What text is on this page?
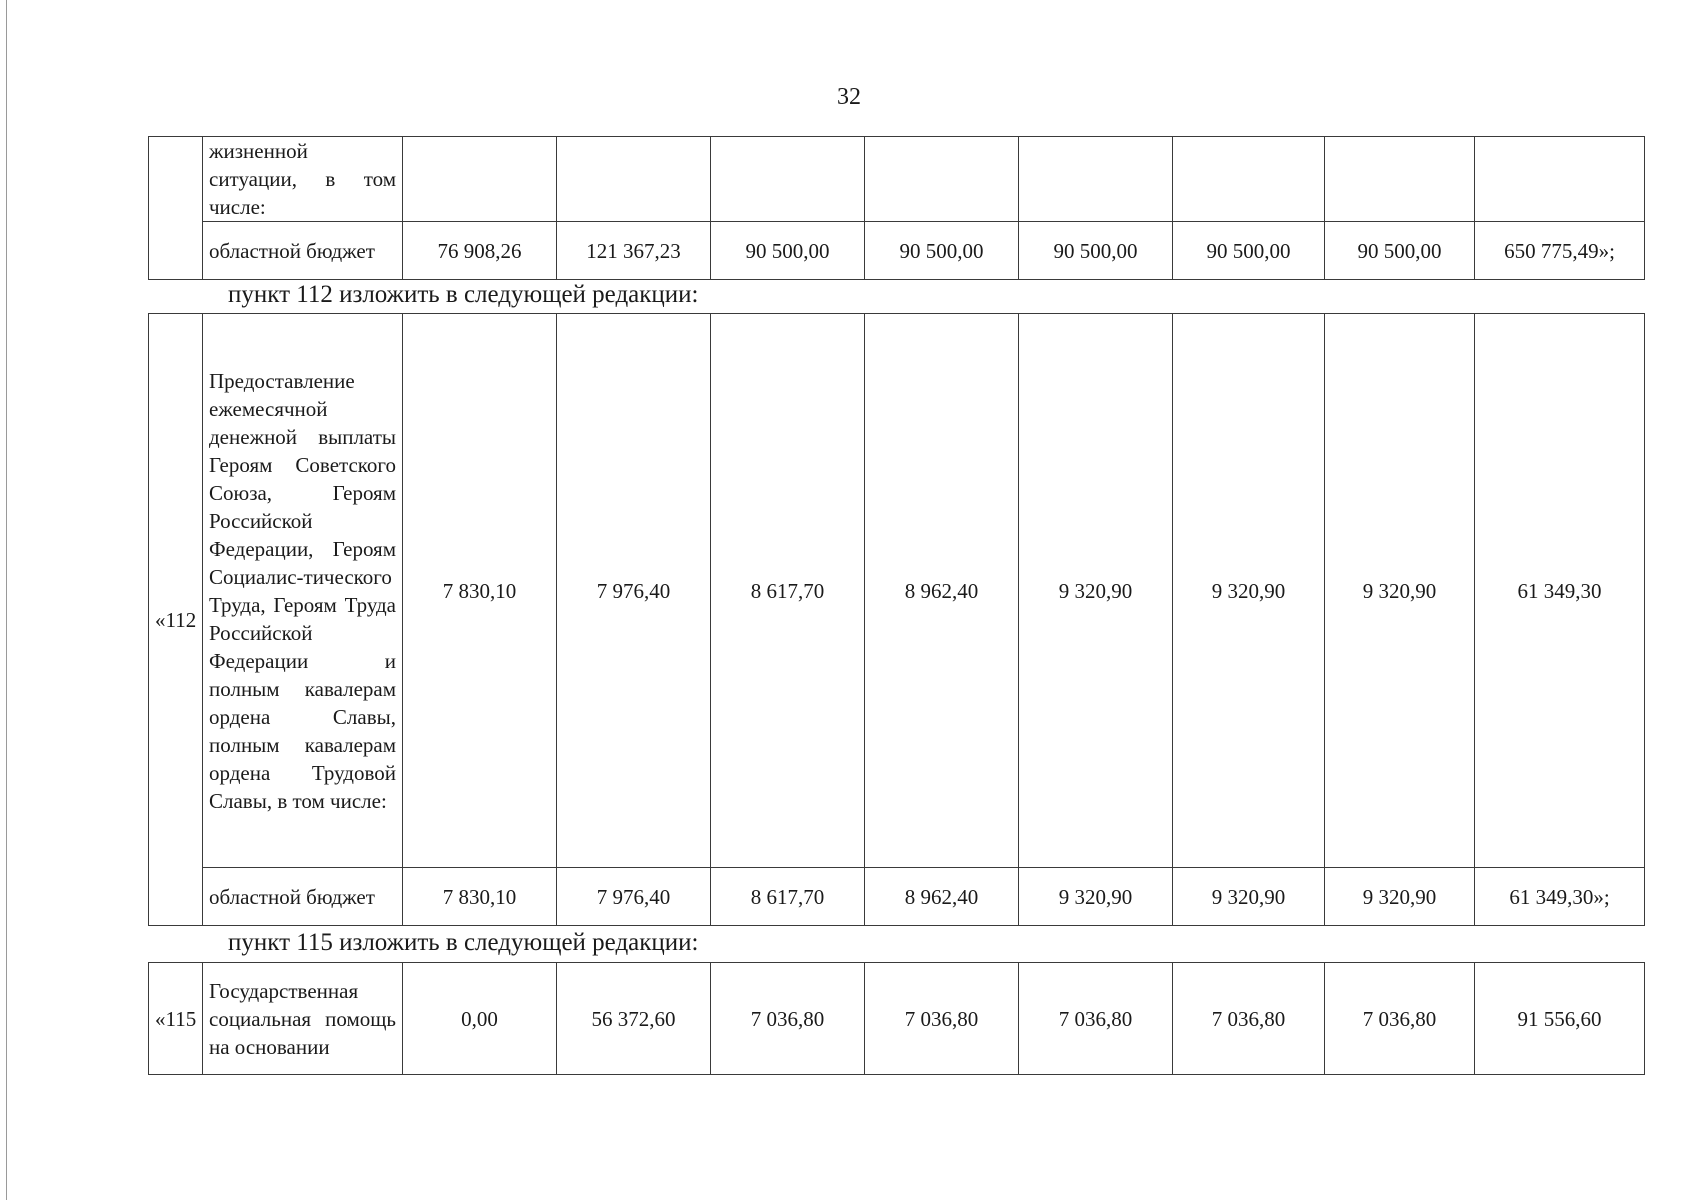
32
	жизненной ситуации, в том числе:								
	областной бюджет	76 908,26	121 367,23	90 500,00	90 500,00	90 500,00	90 500,00	90 500,00	650 775,49»;
пункт 112 изложить в следующей редакции:
«112	Предоставление ежемесячной денежной выплаты Героям Советского Союза, Героям Российской Федерации, Героям Социалис-тического Труда, Героям Труда Российской Федерации и полным кавалерам ордена Славы, полным кавалерам ордена Трудовой Славы, в том числе:	7 830,10	7 976,40	8 617,70	8 962,40	9 320,90	9 320,90	9 320,90	61 349,30
	областной бюджет	7 830,10	7 976,40	8 617,70	8 962,40	9 320,90	9 320,90	9 320,90	61 349,30»;
пункт 115 изложить в следующей редакции:
«115	Государственная социальная помощь на основании	0,00	56 372,60	7 036,80	7 036,80	7 036,80	7 036,80	7 036,80	91 556,60
